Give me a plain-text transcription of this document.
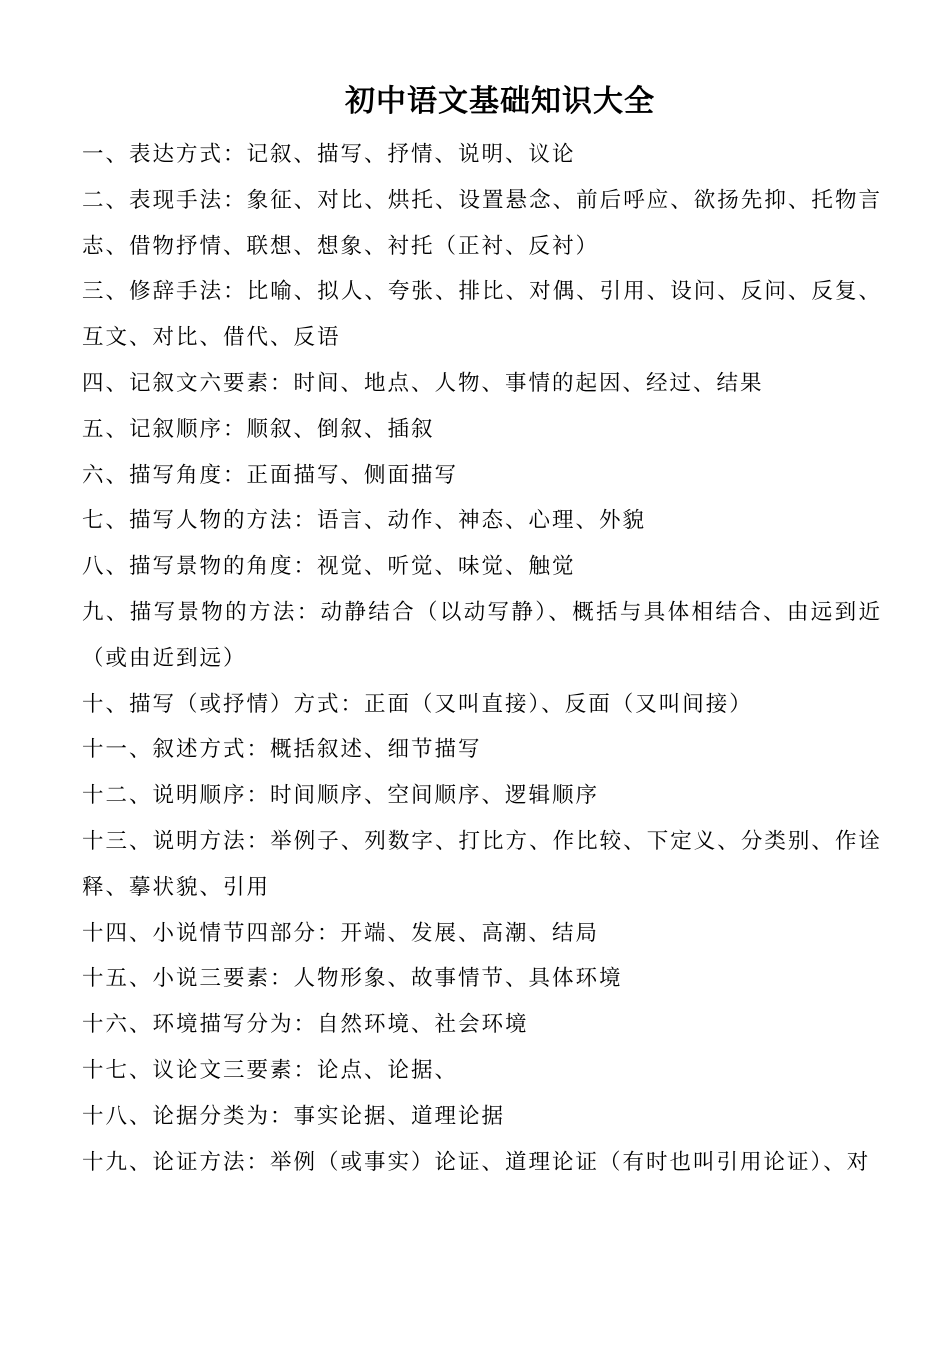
初中语文基础知识大全

一、表达方式：记叙、描写、抒情、说明、议论

二、表现手法：象征、对比、烘托、设置悬念、前后呼应、欲扬先抑、托物言志、借物抒情、联想、想象、衬托（正衬、反衬）

三、修辞手法：比喻、拟人、夸张、排比、对偶、引用、设问、反问、反复、互文、对比、借代、反语

四、记叙文六要素：时间、地点、人物、事情的起因、经过、结果

五、记叙顺序：顺叙、倒叙、插叙

六、描写角度：正面描写、侧面描写

七、描写人物的方法：语言、动作、神态、心理、外貌

八、描写景物的角度：视觉、听觉、味觉、触觉

九、描写景物的方法：动静结合（以动写静）、概括与具体相结合、由远到近（或由近到远）

十、描写（或抒情）方式：正面（又叫直接）、反面（又叫间接）

十一、叙述方式：概括叙述、细节描写

十二、说明顺序：时间顺序、空间顺序、逻辑顺序

十三、说明方法：举例子、列数字、打比方、作比较、下定义、分类别、作诠释、摹状貌、引用

十四、小说情节四部分：开端、发展、高潮、结局

十五、小说三要素：人物形象、故事情节、具体环境

十六、环境描写分为：自然环境、社会环境

十七、议论文三要素：论点、论据、

十八、论据分类为：事实论据、道理论据

十九、论证方法：举例（或事实）论证、道理论证（有时也叫引用论证）、对
